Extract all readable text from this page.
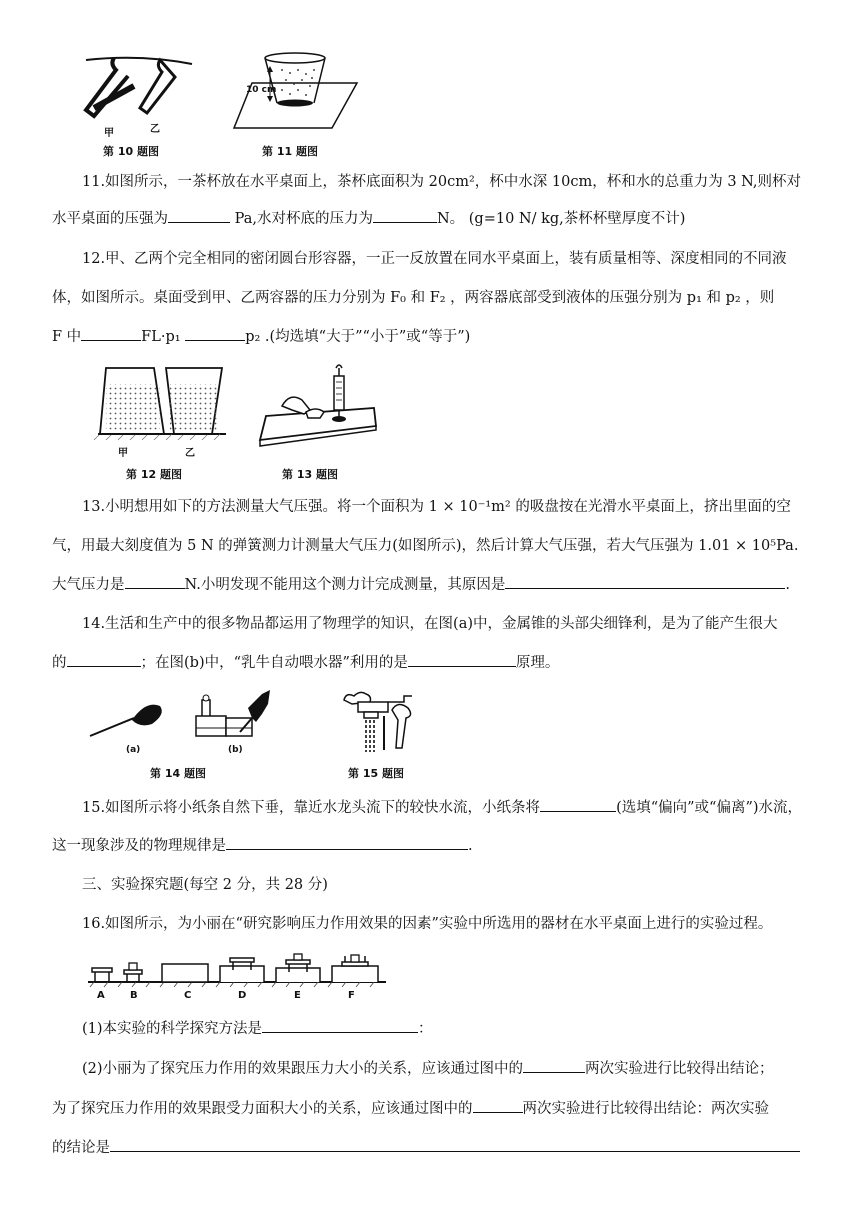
甲	乙
第 10 题图
10 cm
第 11 题图
11.如图所示，一茶杯放在水平桌面上，茶杯底面积为 20cm²，杯中水深 10cm，杯和水的总重力为 3 N,则杯对
水平桌面的压强为	Pa,水对杯底的压力为	N。 (g=10 N/ kg,茶杯杯壁厚度不计)
12.甲、乙两个完全相同的密闭圆台形容器，一正一反放置在同水平桌面上，装有质量相等、深度相同的不同液
体，如图所示。桌面受到甲、乙两容器的压力分别为 F₀ 和 F₂ ，两容器底部受到液体的压强分别为 p₁ 和 p₂ ，则
F 中	FL·p₁	p₂ .(均选填“大于”“小于”或“等于”)
甲	乙
第 12 题图	第 13 题图
13.小明想用如下的方法测量大气压强。将一个面积为 1 × 10⁻¹m² 的吸盘按在光滑水平桌面上，挤出里面的空
气，用最大刻度值为 5 N 的弹簧测力计测量大气压力(如图所示)，然后计算大气压强，若大气压强为 1.01 × 10⁵Pa.
大气压力是	N.小明发现不能用这个测力计完成测量，其原因是	.
14.生活和生产中的很多物品都运用了物理学的知识，在图(a)中，金属锥的头部尖细锋利，是为了能产生很大
的	；在图(b)中，“乳牛自动喂水器”利用的是	原理。
(a)	(b)
第 14 题图	第 15 题图
15.如图所示将小纸条自然下垂，靠近水龙头流下的较快水流，小纸条将	(选填“偏向”或“偏离”)水流，
这一现象涉及的物理规律是	.
三、实验探究题(每空 2 分，共 28 分)
16.如图所示，为小丽在“研究影响压力作用效果的因素”实验中所选用的器材在水平桌面上进行的实验过程。
A	B	C	D	E	F
(1)本实验的科学探究方法是	：
(2)小丽为了探究压力作用的效果跟压力大小的关系，应该通过图中的	两次实验进行比较得出结论；
为了探究压力作用的效果跟受力面积大小的关系，应该通过图中的	两次实验进行比较得出结论：两次实验
的结论是
